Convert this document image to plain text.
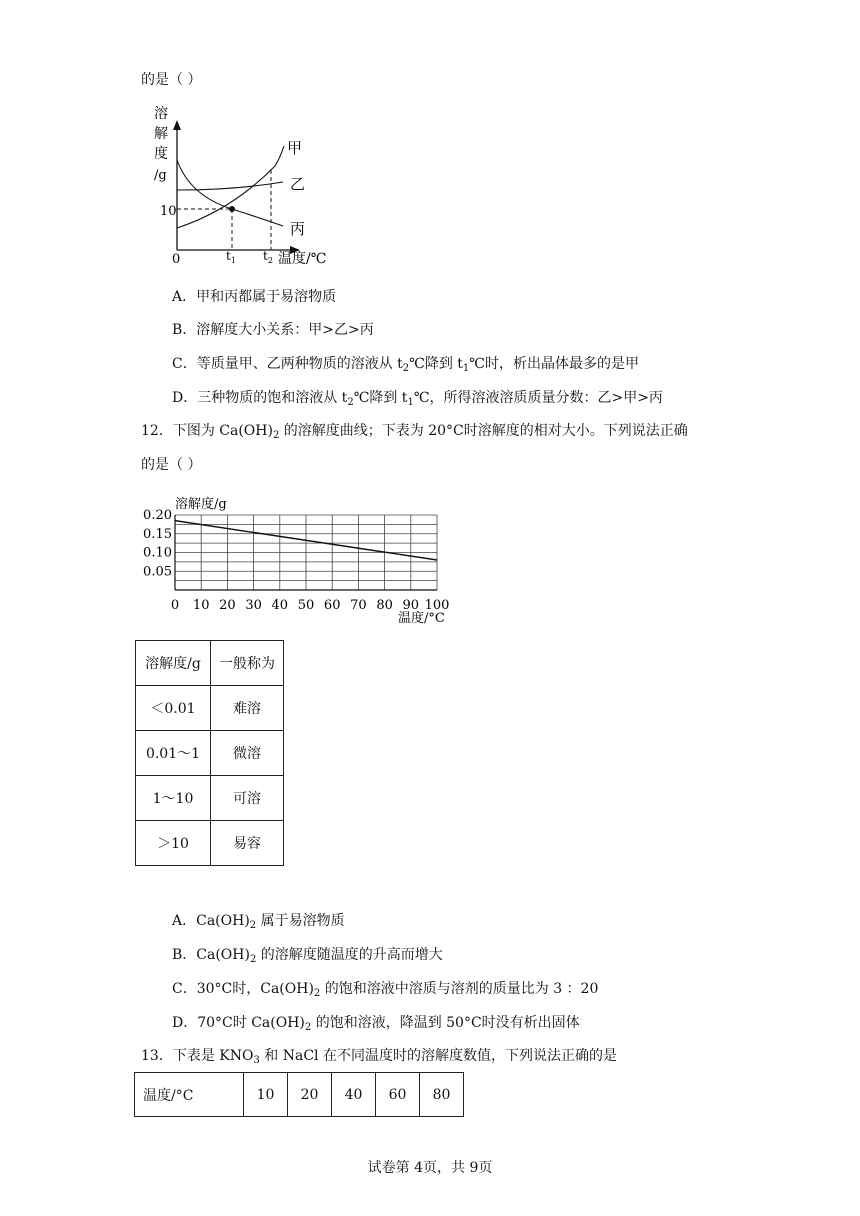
的是（ ）
溶
解
度
/g
10
0	$t_1$ $t_2$ 温度/℃
甲
乙
丙
A．甲和丙都属于易溶物质
B．溶解度大小关系：甲>乙>丙
C．等质量甲、乙两种物质的溶液从 $t_2℃$降到 $t_1℃$时，析出晶体最多的是甲
D．三种物质的饱和溶液从 $t_2℃$降到 $t_1℃$，所得溶液溶质质量分数：乙>甲>丙
12．下图为 $Ca(OH)_2$ 的溶解度曲线；下表为 20°C时溶解度的相对大小。下列说法正确
的是（ ）
溶解度/g
温度/°C
0.20
0.15
0.10
0.05
0 10 20 30 40 50 60 70 80 90 100
溶解度/g	一般称为
＜0.01	难溶
0.01～1	微溶
1～10	可溶
＞10	易容
A．$Ca(OH)_2$ 属于易溶物质
B．$Ca(OH)_2$ 的溶解度随温度的升高而增大
C．30°C时，$Ca(OH)_2$ 的饱和溶液中溶质与溶剂的质量比为 3 ：20
D．70°C时 $Ca(OH)_2$ 的饱和溶液，降温到 50°C时没有析出固体
13．下表是 $KNO_3$ 和 NaCl 在不同温度时的溶解度数值，下列说法正确的是
温度/°C	10	20	40	60	80
试卷第 4页，共 9页
